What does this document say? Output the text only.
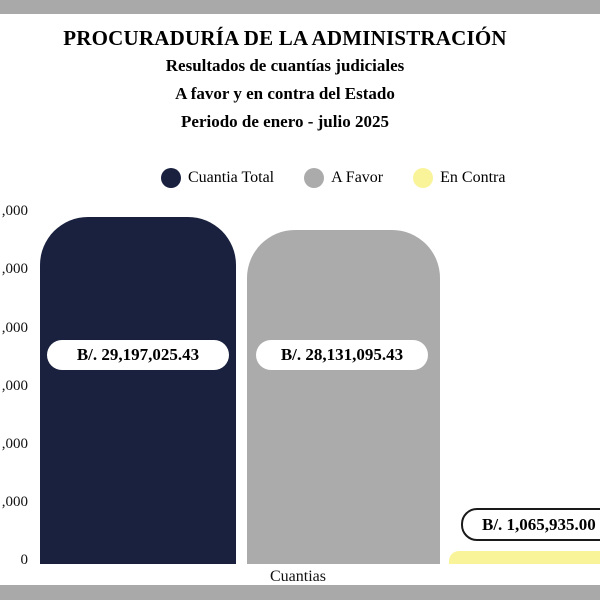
PROCURADURÍA DE LA ADMINISTRACIÓN
Resultados de cuantías judiciales
A favor y en contra del Estado
Periodo de enero - julio 2025
Cuantia Total	A Favor	En Contra
,000
,000
,000
,000
,000
,000
0
B/. 29,197,025.43	B/. 28,131,095.43
B/. 1,065,935.00
Cuantias
